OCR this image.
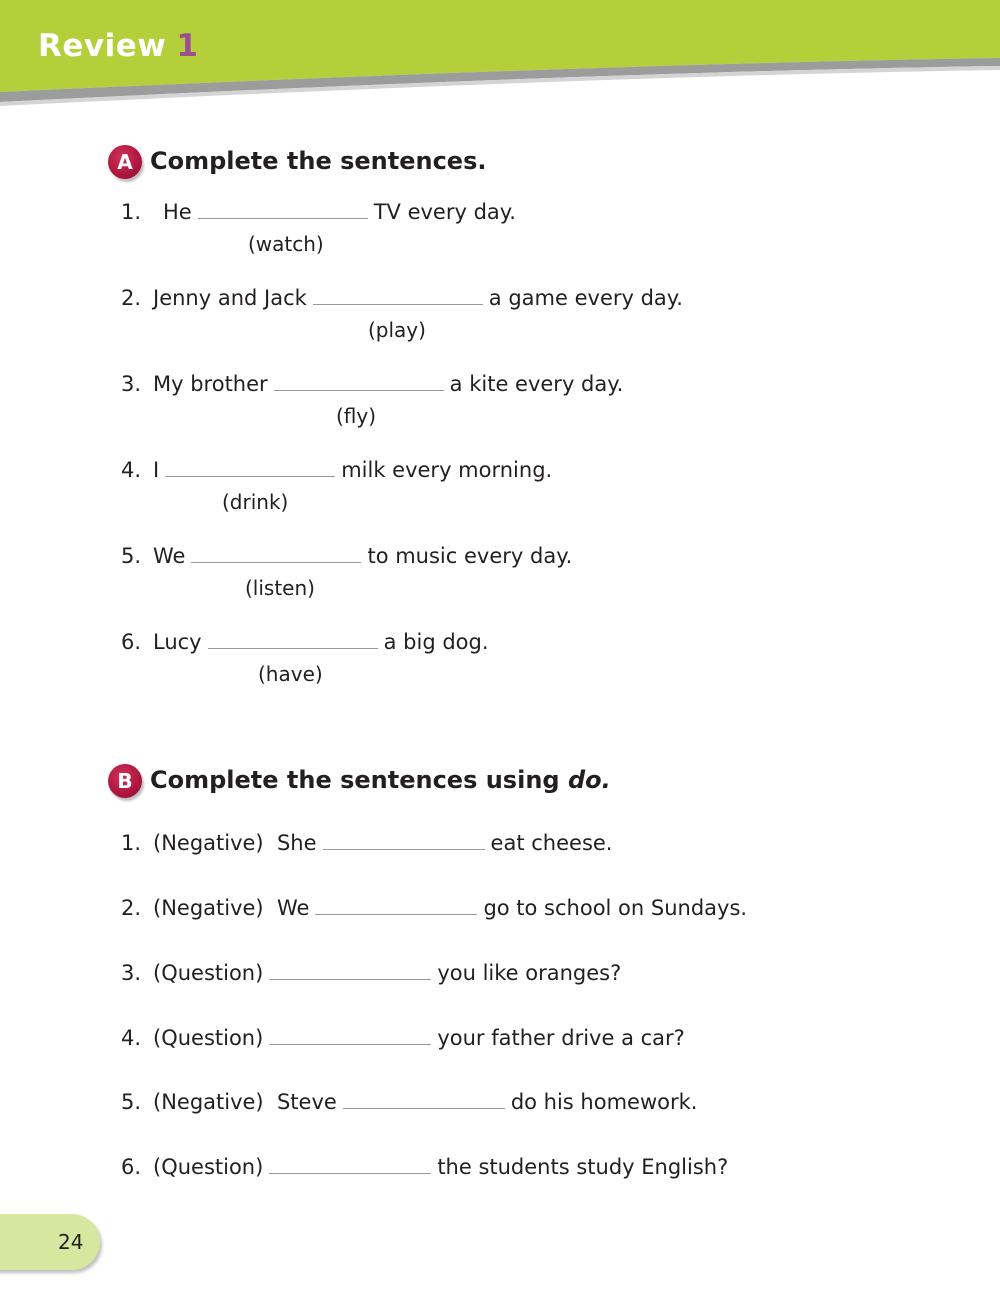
Review 1
A Complete the sentences.
1. He	TV every day.
(watch)
2. Jenny and Jack	a game every day.
(play)
3. My brother	a kite every day.
(fly)
4. I	milk every morning.
(drink)
5. We	to music every day.
(listen)
6. Lucy	a big dog.
(have)
B Complete the sentences using do.
1. (Negative)  She	eat cheese.
2. (Negative)  We	go to school on Sundays.
3. (Question)	you like oranges?
4. (Question)	your father drive a car?
5. (Negative)  Steve	do his homework.
6. (Question)	the students study English?
24
